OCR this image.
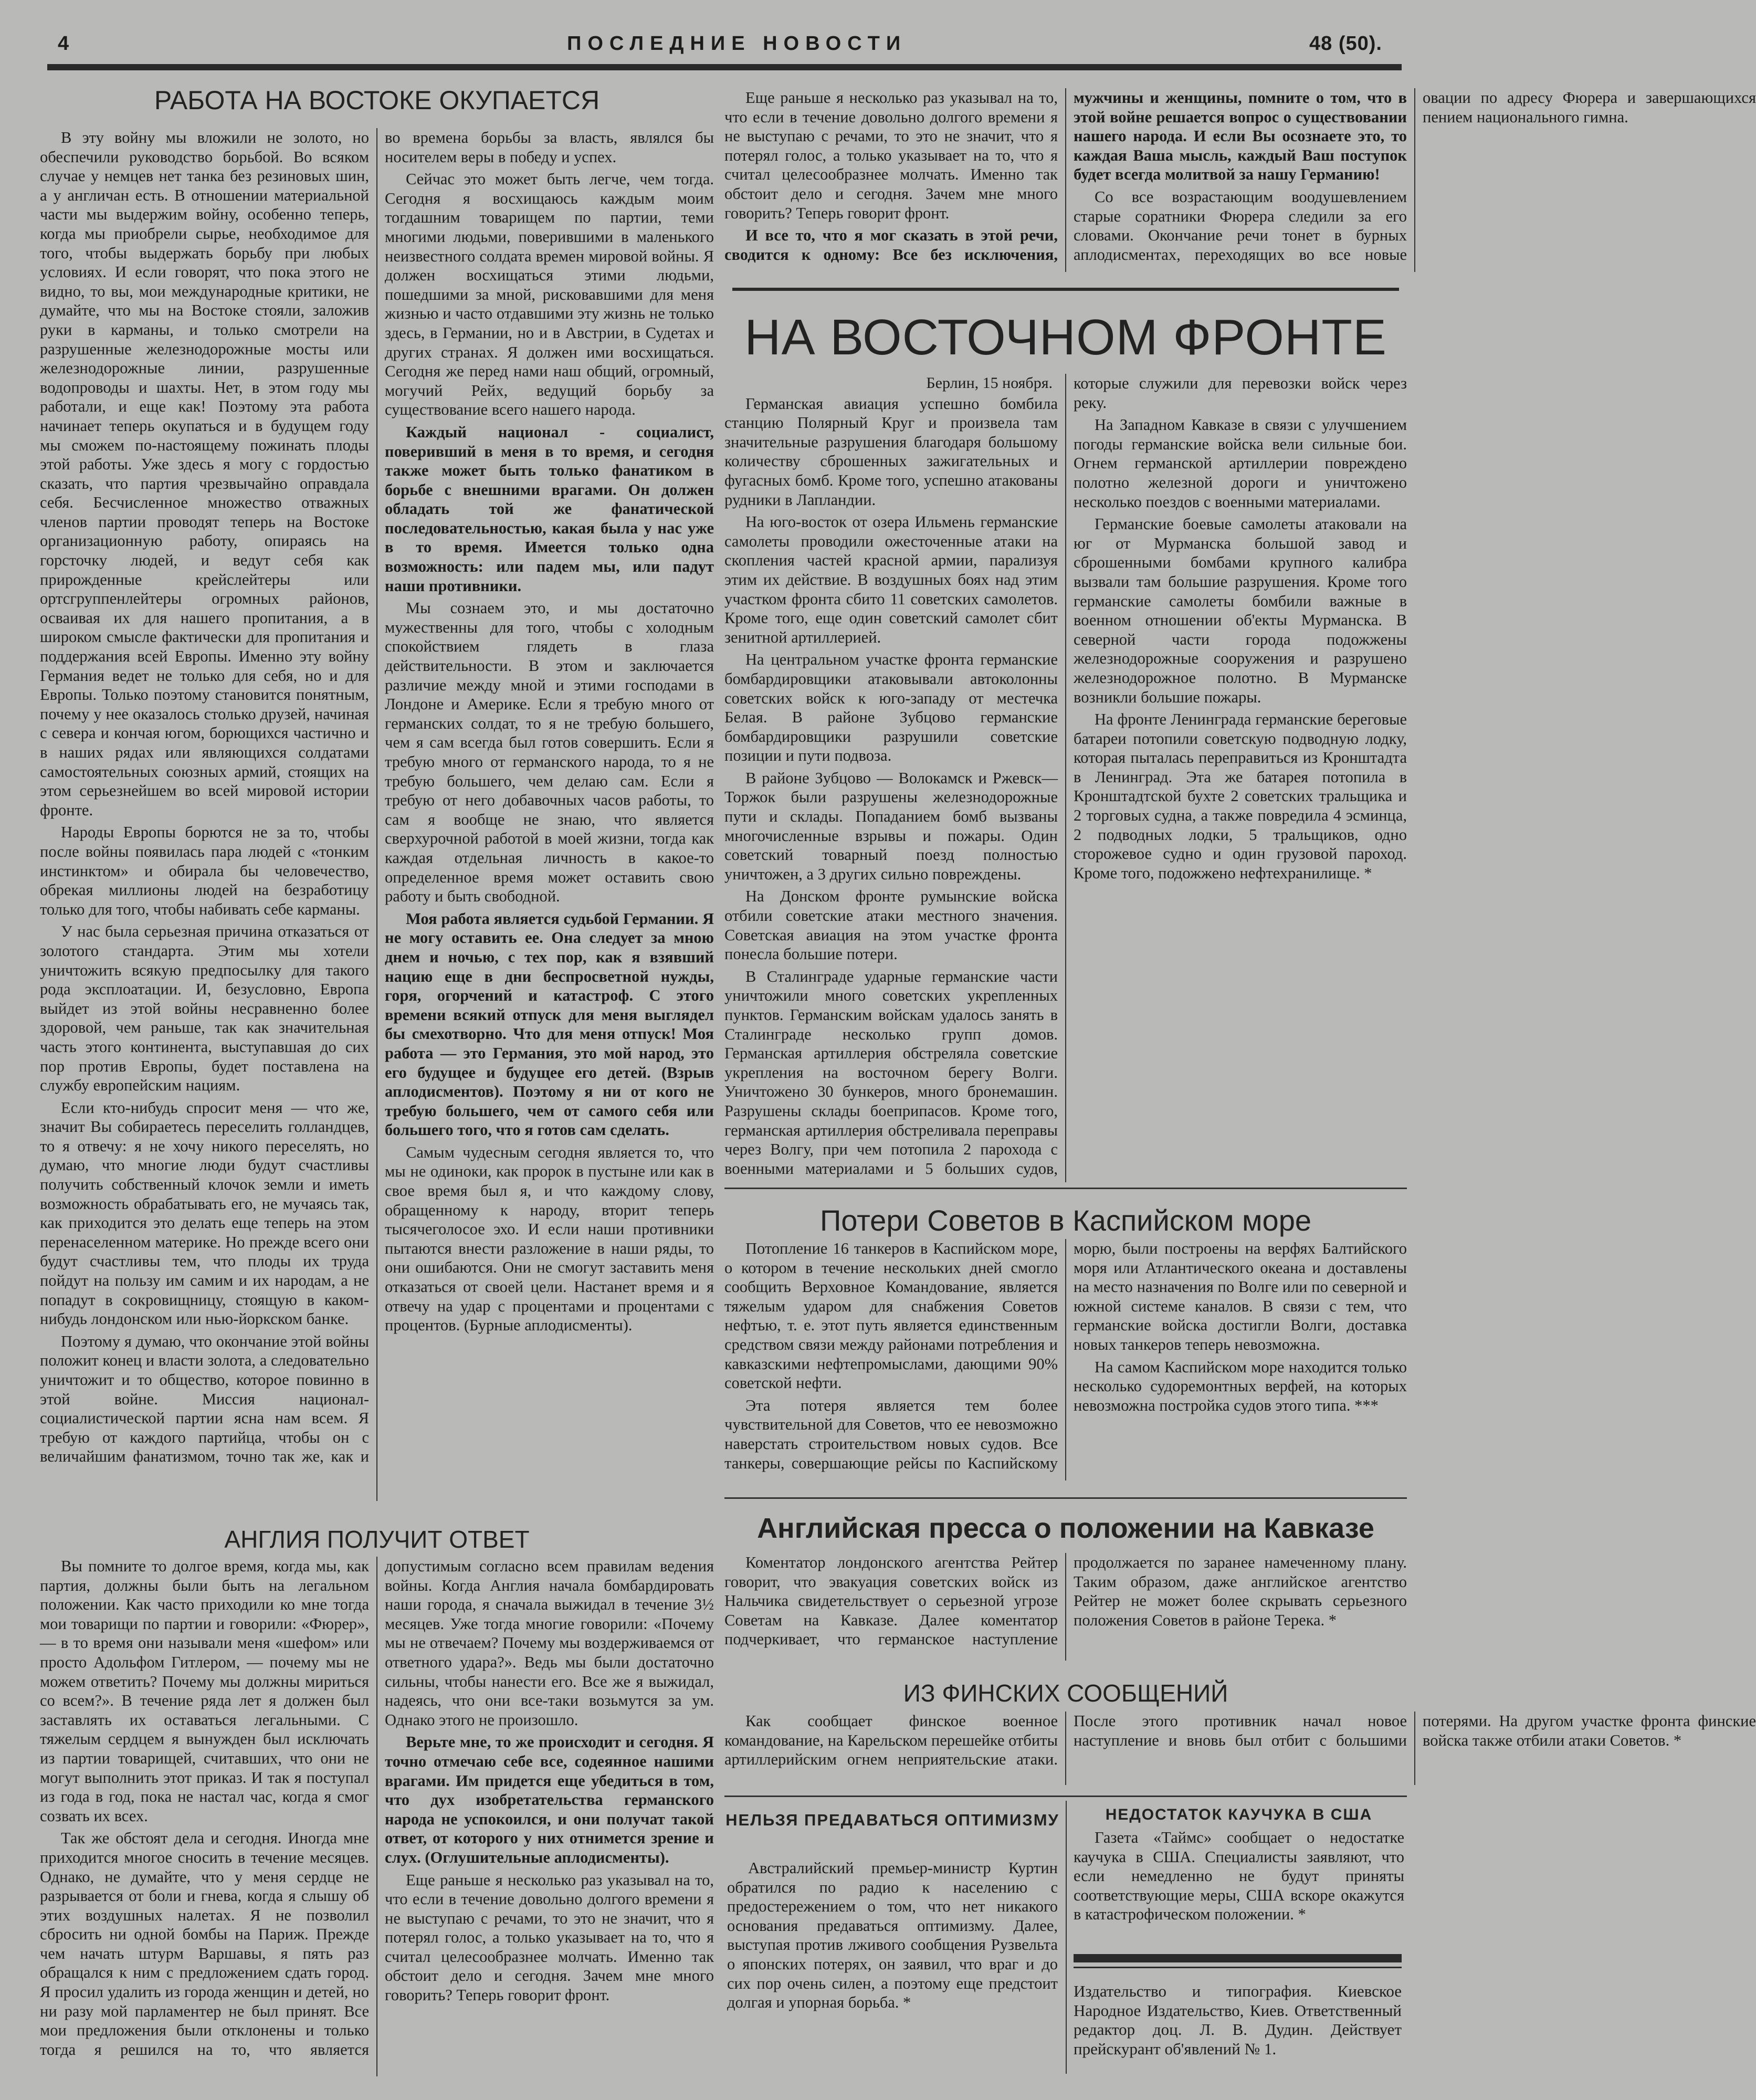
4	ПОСЛЕДНИЕ НОВОСТИ	48 (50).
РАБОТА НА ВОСТОКЕ ОКУПАЕТСЯ

В эту войну мы вложили не золото, но обеспечили руководство борьбой. Во всяком случае у немцев нет танка без резиновых шин, а у англичан есть. В отношении материальной части мы выдержим войну, особенно теперь, когда мы приобрели сырье, необходимое для того, чтобы выдержать борьбу при любых условиях. И если говорят, что пока этого не видно, то вы, мои международные критики, не думайте, что мы на Востоке стояли, заложив руки в карманы, и только смотрели на разрушенные железнодорожные мосты или железнодорожные линии, разрушенные водопроводы и шахты. Нет, в этом году мы работали, и еще как! Поэтому эта работа начинает теперь окупаться и в будущем году мы сможем по-настоящему пожинать плоды этой работы. Уже здесь я могу с гордостью сказать, что партия чрезвычайно оправдала себя. Бесчисленное множество отважных членов партии проводят теперь на Востоке организационную работу, опираясь на горсточку людей, и ведут себя как прирожденные крейслейтеры или ортсгруппенлейтеры огромных районов, осваивая их для нашего пропитания, а в широком смысле фактически для пропитания и поддержания всей Европы. Именно эту войну Германия ведет не только для себя, но и для Европы. Только поэтому становится понятным, почему у нее оказалось столько друзей, начиная с севера и кончая югом, борющихся частично и в наших рядах или являющихся солдатами самостоятельных союзных армий, стоящих на этом серьезнейшем во всей мировой истории фронте.

Народы Европы борются не за то, чтобы после войны появилась пара людей с «тонким инстинктом» и обирала бы человечество, обрекая миллионы людей на безработицу только для того, чтобы набивать себе карманы.

У нас была серьезная причина отказаться от золотого стандарта. Этим мы хотели уничтожить всякую предпосылку для такого рода эксплоатации. И, безусловно, Европа выйдет из этой войны несравненно более здоровой, чем раньше, так как значительная часть этого континента, выступавшая до сих пор против Европы, будет поставлена на службу европейским нациям.

Если кто-нибудь спросит меня — что же, значит Вы собираетесь переселить голландцев, то я отвечу: я не хочу никого переселять, но думаю, что многие люди будут счастливы получить собственный клочок земли и иметь возможность обрабатывать его, не мучаясь так, как приходится это делать еще теперь на этом перенаселенном материке. Но прежде всего они будут счастливы тем, что плоды их труда пойдут на пользу им самим и их народам, а не попадут в сокровищницу, стоящую в каком-нибудь лондонском или нью-йоркском банке.

Поэтому я думаю, что окончание этой войны положит конец и власти золота, а следовательно уничтожит и то общество, которое повинно в этой войне. Миссия национал-социалистической партии ясна нам всем. Я требую от каждого партийца, чтобы он с величайшим фанатизмом, точно так же, как и во времена борьбы за власть, являлся бы носителем веры в победу и успех.

Сейчас это может быть легче, чем тогда. Сегодня я восхищаюсь каждым моим тогдашним товарищем по партии, теми многими людьми, поверившими в маленького неизвестного солдата времен мировой войны. Я должен восхищаться этими людьми, пошедшими за мной, рисковавшими для меня жизнью и часто отдавшими эту жизнь не только здесь, в Германии, но и в Австрии, в Судетах и других странах. Я должен ими восхищаться. Сегодня же перед нами наш общий, огромный, могучий Рейх, ведущий борьбу за существование всего нашего народа.

Каждый национал - социалист, поверивший в меня в то время, и сегодня также может быть только фанатиком в борьбе с внешними врагами. Он должен обладать той же фанатической последовательностью, какая была у нас уже в то время. Имеется только одна возможность: или падем мы, или падут наши противники.

Мы сознаем это, и мы достаточно мужественны для того, чтобы с холодным спокойствием глядеть в глаза действительности. В этом и заключается различие между мной и этими господами в Лондоне и Америке. Если я требую много от германских солдат, то я не требую большего, чем я сам всегда был готов совершить. Если я требую много от германского народа, то я не требую большего, чем делаю сам. Если я требую от него добавочных часов работы, то сам я вообще не знаю, что является сверхурочной работой в моей жизни, тогда как каждая отдельная личность в какое-то определенное время может оставить свою работу и быть свободной.

Моя работа является судьбой Германии. Я не могу оставить ее. Она следует за мною днем и ночью, с тех пор, как я взявший нацию еще в дни беспросветной нужды, горя, огорчений и катастроф. С этого времени всякий отпуск для меня выглядел бы смехотворно. Что для меня отпуск! Моя работа — это Германия, это мой народ, это его будущее и будущее его детей. (Взрыв аплодисментов). Поэтому я ни от кого не требую большего, чем от самого себя или большего того, что я готов сам сделать.

Самым чудесным сегодня является то, что мы не одиноки, как пророк в пустыне или как в свое время был я, и что каждому слову, обращенному к народу, вторит теперь тысячеголосое эхо. И если наши противники пытаются внести разложение в наши ряды, то они ошибаются. Они не смогут заставить меня отказаться от своей цели. Настанет время и я отвечу на удар с процентами и процентами с процентов. (Бурные аплодисменты).

АНГЛИЯ ПОЛУЧИТ ОТВЕТ

Вы помните то долгое время, когда мы, как партия, должны были быть на легальном положении. Как часто приходили ко мне тогда мои товарищи по партии и говорили: «Фюрер», — в то время они называли меня «шефом» или просто Адольфом Гитлером, — почему мы не можем ответить? Почему мы должны мириться со всем?». В течение ряда лет я должен был заставлять их оставаться легальными. С тяжелым сердцем я вынужден был исключать из партии товарищей, считавших, что они не могут выполнить этот приказ. И так я поступал из года в год, пока не настал час, когда я смог созвать их всех.

Так же обстоят дела и сегодня. Иногда мне приходится многое сносить в течение месяцев. Однако, не думайте, что у меня сердце не разрывается от боли и гнева, когда я слышу об этих воздушных налетах. Я не позволил сбросить ни одной бомбы на Париж. Прежде чем начать штурм Варшавы, я пять раз обращался к ним с предложением сдать город. Я просил удалить из города женщин и детей, но ни разу мой парламентер не был принят. Все мои предложения были отклонены и только тогда я решился на то, что является допустимым согласно всем правилам ведения войны. Когда Англия начала бомбардировать наши города, я сначала выжидал в течение 3½ месяцев. Уже тогда многие говорили: «Почему мы не отвечаем? Почему мы воздерживаемся от ответного удара?». Ведь мы были достаточно сильны, чтобы нанести его. Все же я выжидал, надеясь, что они все-таки возьмутся за ум. Однако этого не произошло.

Верьте мне, то же происходит и сегодня. Я точно отмечаю себе все, содеянное нашими врагами. Им придется еще убедиться в том, что дух изобретательства германского народа не успокоился, и они получат такой ответ, от которого у них отнимется зрение и слух. (Оглушительные аплодисменты).

Еще раньше я несколько раз указывал на то, что если в течение довольно долгого времени я не выступаю с речами, то это не значит, что я потерял голос, а только указывает на то, что я считал целесообразнее молчать. Именно так обстоит дело и сегодня. Зачем мне много говорить? Теперь говорит фронт.

Еще раньше я несколько раз указывал на то, что если в течение довольно долгого времени я не выступаю с речами, то это не значит, что я потерял голос, а только указывает на то, что я считал целесообразнее молчать. Именно так обстоит дело и сегодня. Зачем мне много говорить? Теперь говорит фронт.

И все то, что я мог сказать в этой речи, сводится к одному: Все без исключения, мужчины и женщины, помните о том, что в этой войне решается вопрос о существовании нашего народа. И если Вы осознаете это, то каждая Ваша мысль, каждый Ваш поступок будет всегда молитвой за нашу Германию!

Со все возрастающим воодушевлением старые соратники Фюрера следили за его словами. Окончание речи тонет в бурных аплодисментах, переходящих во все новые овации по адресу Фюрера и завершающихся пением национального гимна.

НА ВОСТОЧНОМ ФРОНТЕ
Берлин, 15 ноября.

Германская авиация успешно бомбила станцию Полярный Круг и произвела там значительные разрушения благодаря большому количеству сброшенных зажигательных и фугасных бомб. Кроме того, успешно атакованы рудники в Лапландии.

На юго-восток от озера Ильмень германские самолеты проводили ожесточенные атаки на скопления частей красной армии, парализуя этим их действие. В воздушных боях над этим участком фронта сбито 11 советских самолетов. Кроме того, еще один советский самолет сбит зенитной артиллерией.

На центральном участке фронта германские бомбардировщики атаковывали автоколонны советских войск к юго-западу от местечка Белая. В районе Зубцово германские бомбардировщики разрушили советские позиции и пути подвоза.

В районе Зубцово — Волокамск и Ржевск—Торжок были разрушены железнодорожные пути и склады. Попаданием бомб вызваны многочисленные взрывы и пожары. Один советский товарный поезд полностью уничтожен, а 3 других сильно повреждены.

На Донском фронте румынские войска отбили советские атаки местного значения. Советская авиация на этом участке фронта понесла большие потери.

В Сталинграде ударные германские части уничтожили много советских укрепленных пунктов. Германским войскам удалось занять в Сталинграде несколько групп домов. Германская артиллерия обстреляла советские укрепления на восточном берегу Волги. Уничтожено 30 бункеров, много бронемашин. Разрушены склады боеприпасов. Кроме того, германская артиллерия обстреливала переправы через Волгу, при чем потопила 2 парохода с военными материалами и 5 больших судов, которые служили для перевозки войск через реку.

На Западном Кавказе в связи с улучшением погоды германские войска вели сильные бои. Огнем германской артиллерии повреждено полотно железной дороги и уничтожено несколько поездов с военными материалами.

Германские боевые самолеты атаковали на юг от Мурманска большой завод и сброшенными бомбами крупного калибра вызвали там большие разрушения. Кроме того германские самолеты бомбили важные в военном отношении об'екты Мурманска. В северной части города подожжены железнодорожные сооружения и разрушено железнодорожное полотно. В Мурманске возникли большие пожары.

На фронте Ленинграда германские береговые батареи потопили советскую подводную лодку, которая пыталась переправиться из Кронштадта в Ленинград. Эта же батарея потопила в Кронштадтской бухте 2 советских тральщика и 2 торговых судна, а также повредила 4 эсминца, 2 подводных лодки, 5 тральщиков, одно сторожевое судно и один грузовой пароход. Кроме того, подожжено нефтехранилище. *

Потери Советов в Каспийском море

Потопление 16 танкеров в Каспийском море, о котором в течение нескольких дней смогло сообщить Верховное Командование, является тяжелым ударом для снабжения Советов нефтью, т. е. этот путь является единственным средством связи между районами потребления и кавказскими нефтепромыслами, дающими 90% советской нефти.

Эта потеря является тем более чувствительной для Советов, что ее невозможно наверстать строительством новых судов. Все танкеры, совершающие рейсы по Каспийскому морю, были построены на верфях Балтийского моря или Атлантического океана и доставлены на место назначения по Волге или по северной и южной системе каналов. В связи с тем, что германские войска достигли Волги, доставка новых танкеров теперь невозможна.

На самом Каспийском море находится только несколько судоремонтных верфей, на которых невозможна постройка судов этого типа. ***

Английская пресса о положении на Кавказе

Коментатор лондонского агентства Рейтер говорит, что эвакуация советских войск из Нальчика свидетельствует о серьезной угрозе Советам на Кавказе. Далее коментатор подчеркивает, что германское наступление продолжается по заранее намеченному плану. Таким образом, даже английское агентство Рейтер не может более скрывать серьезного положения Советов в районе Терека. *

ИЗ ФИНСКИХ СООБЩЕНИЙ

Как сообщает финское военное командование, на Карельском перешейке отбиты артиллерийским огнем неприятельские атаки. После этого противник начал новое наступление и вновь был отбит с большими потерями. На другом участке фронта финские войска также отбили атаки Советов. *

НЕЛЬЗЯ ПРЕДАВАТЬСЯ ОПТИМИЗМУ

Австралийский премьер-министр Куртин обратился по радио к населению с предостережением о том, что нет никакого основания предаваться оптимизму. Далее, выступая против лживого сообщения Рузвельта о японских потерях, он заявил, что враг и до сих пор очень силен, а поэтому еще предстоит долгая и упорная борьба. *

НЕДОСТАТОК КАУЧУКА В США

Газета «Таймс» сообщает о недостатке каучука в США. Специалисты заявляют, что если немедленно не будут приняты соответствующие меры, США вскоре окажутся в катастрофическом положении. *

Издательство и типография. Киевское Народное Издательство, Киев. Ответственный редактор доц. Л. В. Дудин. Действует прейскурант об'явлений № 1.
